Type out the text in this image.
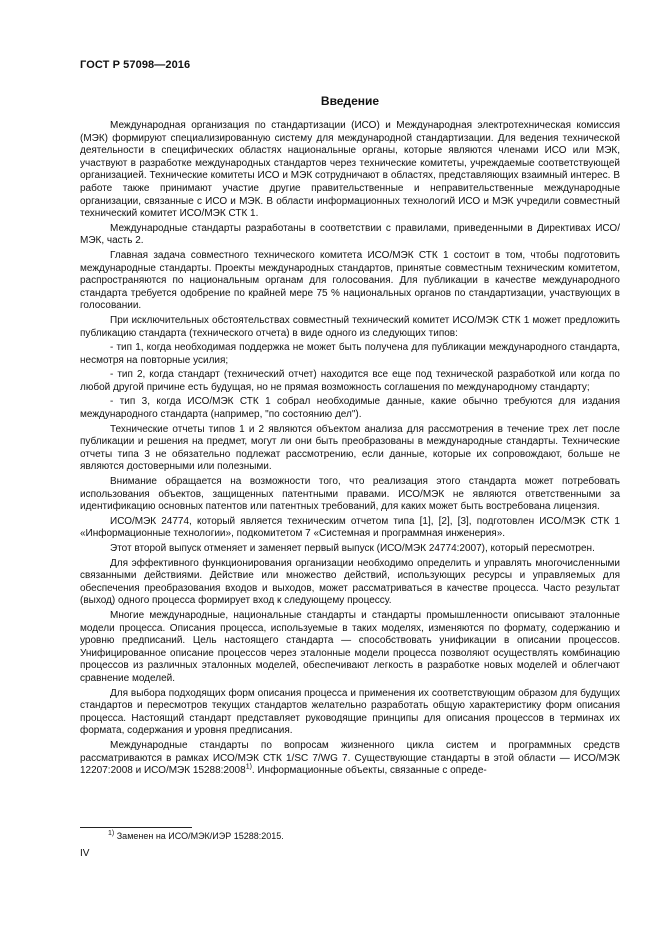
ГОСТ Р 57098—2016
Введение

Международная организация по стандартизации (ИСО) и Международная электротехническая комиссия (МЭК) формируют специализированную систему для международной стандартизации. Для ведения технической деятельности в специфических областях национальные органы, которые являются членами ИСО или МЭК, участвуют в разработке международных стандартов через технические комитеты, учреждаемые соответствующей организацией. Технические комитеты ИСО и МЭК сотрудничают в областях, представляющих взаимный интерес. В работе также принимают участие другие правительственные и неправительственные международные организации, связанные с ИСО и МЭК. В области информационных технологий ИСО и МЭК учредили совместный технический комитет ИСО/МЭК СТК 1.

Международные стандарты разработаны в соответствии с правилами, приведенными в Директивах ИСО/МЭК, часть 2.

Главная задача совместного технического комитета ИСО/МЭК СТК 1 состоит в том, чтобы подготовить международные стандарты. Проекты международных стандартов, принятые совместным техническим комитетом, распространяются по национальным органам для голосования. Для публикации в качестве международного стандарта требуется одобрение по крайней мере 75 % национальных органов по стандартизации, участвующих в голосовании.

При исключительных обстоятельствах совместный технический комитет ИСО/МЭК СТК 1 может предложить публикацию стандарта (технического отчета) в виде одного из следующих типов:

- тип 1, когда необходимая поддержка не может быть получена для публикации международного стандарта, несмотря на повторные усилия;

- тип 2, когда стандарт (технический отчет) находится все еще под технической разработкой или когда по любой другой причине есть будущая, но не прямая возможность соглашения по международному стандарту;

- тип 3, когда ИСО/МЭК СТК 1 собрал необходимые данные, какие обычно требуются для издания международного стандарта (например, "по состоянию дел").

Технические отчеты типов 1 и 2 являются объектом анализа для рассмотрения в течение трех лет после публикации и решения на предмет, могут ли они быть преобразованы в международные стандарты. Технические отчеты типа 3 не обязательно подлежат рассмотрению, если данные, которые их сопровождают, больше не являются достоверными или полезными.

Внимание обращается на возможности того, что реализация этого стандарта может потребовать использования объектов, защищенных патентными правами. ИСО/МЭК не являются ответственными за идентификацию основных патентов или патентных требований, для каких может быть востребована лицензия.

ИСО/МЭК 24774, который является техническим отчетом типа [1], [2], [3], подготовлен ИСО/МЭК СТК 1 «Информационные технологии», подкомитетом 7 «Системная и программная инженерия».

Этот второй выпуск отменяет и заменяет первый выпуск (ИСО/МЭК 24774:2007), который пересмотрен.

Для эффективного функционирования организации необходимо определить и управлять многочисленными связанными действиями. Действие или множество действий, использующих ресурсы и управляемых для обеспечения преобразования входов и выходов, может рассматриваться в качестве процесса. Часто результат (выход) одного процесса формирует вход к следующему процессу.

Многие международные, национальные стандарты и стандарты промышленности описывают эталонные модели процесса. Описания процесса, используемые в таких моделях, изменяются по формату, содержанию и уровню предписаний. Цель настоящего стандарта — способствовать унификации в описании процессов. Унифицированное описание процессов через эталонные модели процесса позволяют осуществлять комбинацию процессов из различных эталонных моделей, обеспечивают легкость в разработке новых моделей и облегчают сравнение моделей.

Для выбора подходящих форм описания процесса и применения их соответствующим образом для будущих стандартов и пересмотров текущих стандартов желательно разработать общую характеристику форм описания процесса. Настоящий стандарт представляет руководящие принципы для описания процессов в терминах их формата, содержания и уровня предписания.

Международные стандарты по вопросам жизненного цикла систем и программных средств рассматриваются в рамках ИСО/МЭК СТК 1/SC 7/WG 7. Существующие стандарты в этой области — ИСО/МЭК 12207:2008 и ИСО/МЭК 15288:2008$^{1)}$. Информационные объекты, связанные с опреде-

$^{1)}$ Заменен на ИСО/МЭК/ИЭР 15288:2015.
IV
